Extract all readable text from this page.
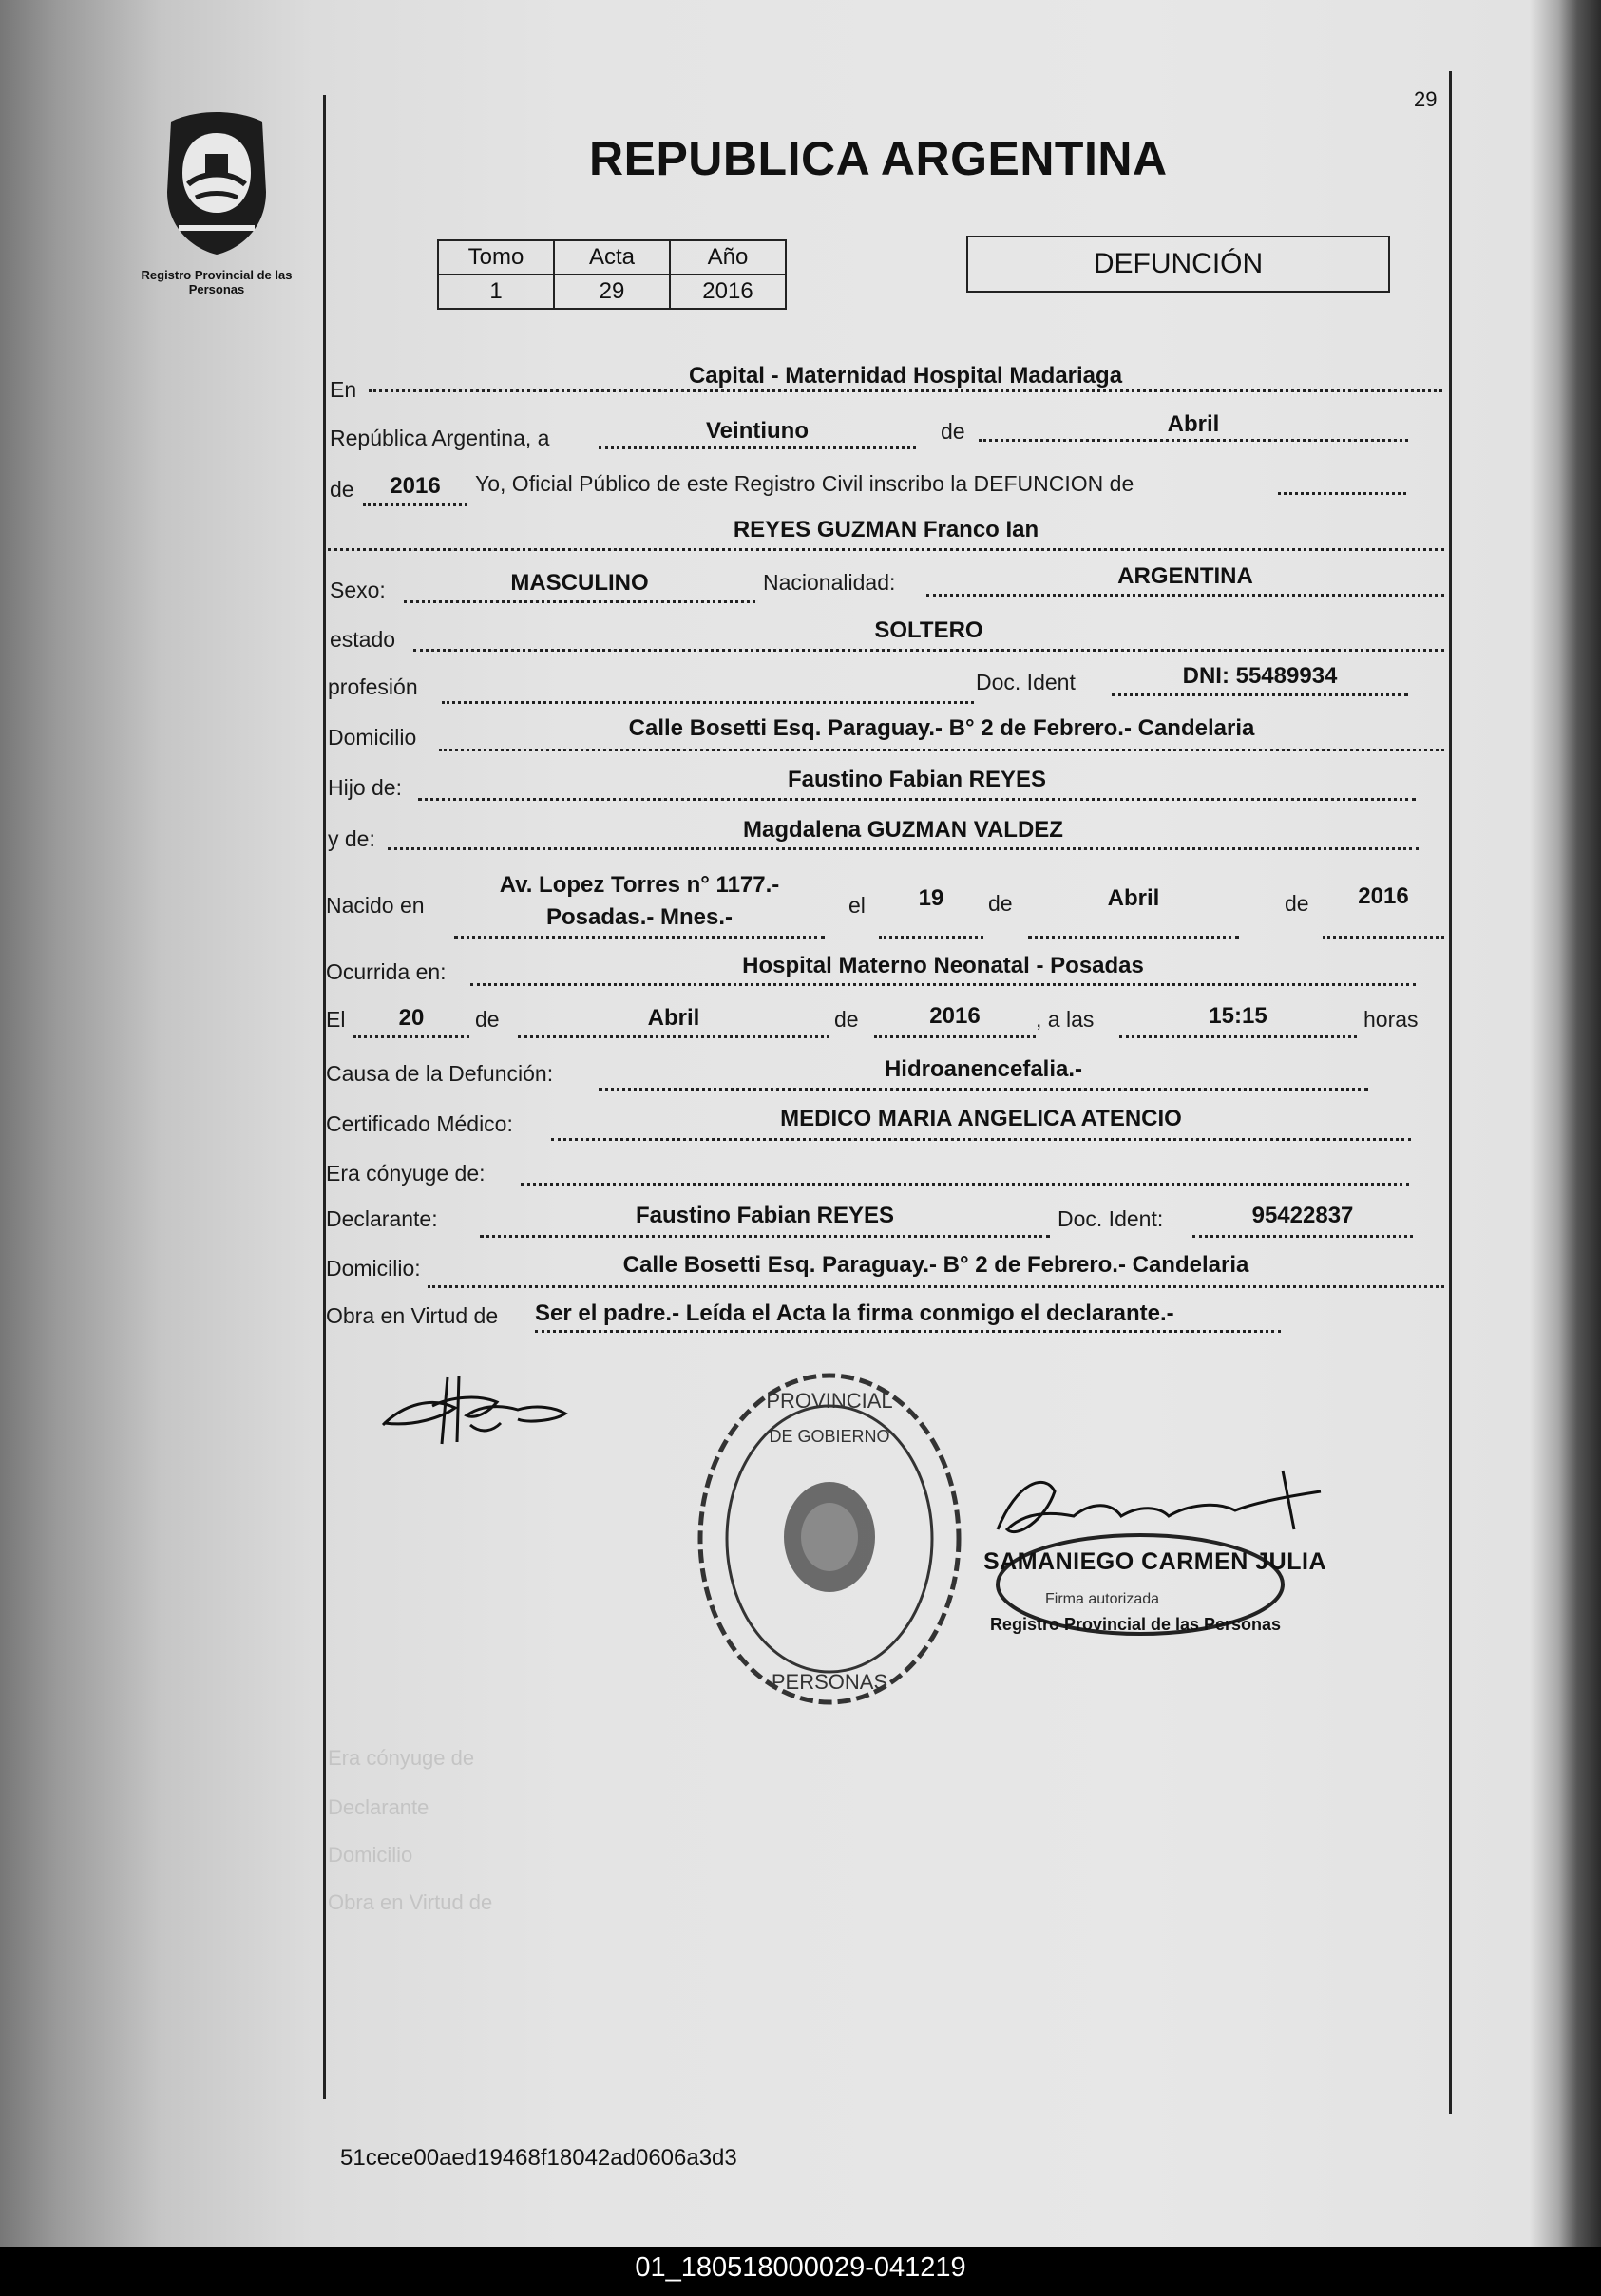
29
Registro Provincial de las Personas
REPUBLICA ARGENTINA
Tomo	Acta	Año
1	29	2016
DEFUNCIÓN
En
Capital - Maternidad Hospital Madariaga
República Argentina, a	Veintiuno	de	Abril
de	2016	Yo, Oficial Público de este Registro Civil inscribo la DEFUNCION de
REYES GUZMAN Franco Ian
Sexo:	MASCULINO	Nacionalidad:	ARGENTINA
estado	SOLTERO
profesión	Doc. Ident	DNI: 55489934
Domicilio	Calle Bosetti Esq. Paraguay.- B° 2 de Febrero.- Candelaria
Hijo de:	Faustino Fabian REYES
y de:	Magdalena GUZMAN VALDEZ
Nacido en
Av. Lopez Torres n° 1177.-
Posadas.- Mnes.-	el	19	de	Abril	de	2016
Ocurrida en:	Hospital Materno Neonatal - Posadas
El	20	de	Abril	de	2016	, a las	15:15	horas
Causa de la Defunción:	Hidroanencefalia.-
Certificado Médico:	MEDICO MARIA ANGELICA ATENCIO
Era cónyuge de:
Declarante:	Faustino Fabian REYES	Doc. Ident:	95422837
Domicilio:	Calle Bosetti Esq. Paraguay.- B° 2 de Febrero.- Candelaria
Obra en Virtud de Ser el padre.- Leída el Acta la firma conmigo el declarante.-
PROVINCIAL
PERSONAS
DE GOBIERNO
SAMANIEGO CARMEN JULIA
Firma autorizada
Registro Provincial de las Personas
Era cónyuge de
Declarante
Domicilio
Obra en Virtud de
51cece00aed19468f18042ad0606a3d3
01_180518000029-041219
